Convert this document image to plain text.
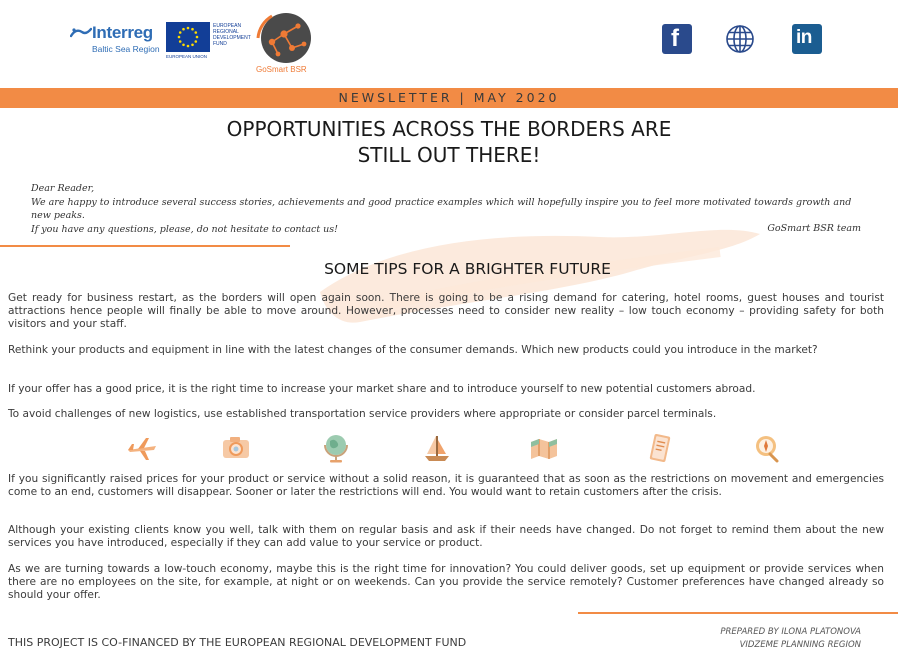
Interreg
Baltic Sea Region
EUROPEAN REGIONAL DEVELOPMENT FUND
EUROPEAN UNION
GoSmart BSR
f	in
NEWSLETTER | MAY 2020
OPPORTUNITIES ACROSS THE BORDERS ARE
STILL OUT THERE!
Dear Reader,
We are happy to introduce several success stories, achievements and good practice examples which will hopefully inspire you to feel more motivated towards growth and new peaks.
If you have any questions, please, do not hesitate to contact us!	GoSmart BSR team
SOME TIPS FOR A BRIGHTER FUTURE
Get ready for business restart, as the borders will open again soon. There is going to be a rising demand for catering, hotel rooms, guest houses and tourist attractions hence people will finally be able to move around. However, processes need to consider new reality – low touch economy – providing safety for both visitors and your staff.
Rethink your products and equipment in line with the latest changes of the consumer demands. Which new products could you introduce in the market?
If your offer has a good price, it is the right time to increase your market share and to introduce yourself to new potential customers abroad.
To avoid challenges of new logistics, use established transportation service providers where appropriate or consider parcel terminals.
If you significantly raised prices for your product or service without a solid reason, it is guaranteed that as soon as the restrictions on movement and emergencies come to an end, customers will disappear. Sooner or later the restrictions will end. You would want to retain customers after the crisis.
Although your existing clients know you well, talk with them on regular basis and ask if their needs have changed. Do not forget to remind them about the new services you have introduced, especially if they can add value to your service or product.
As we are turning towards a low-touch economy, maybe this is the right time for innovation? You could deliver goods, set up equipment or provide services when there are no employees on the site, for example, at night or on weekends. Can you provide the service remotely? Customer preferences have changed already so should your offer.
THIS PROJECT IS CO-FINANCED BY THE EUROPEAN REGIONAL DEVELOPMENT FUND
PREPARED BY ILONA PLATONOVA
VIDZEME PLANNING REGION
